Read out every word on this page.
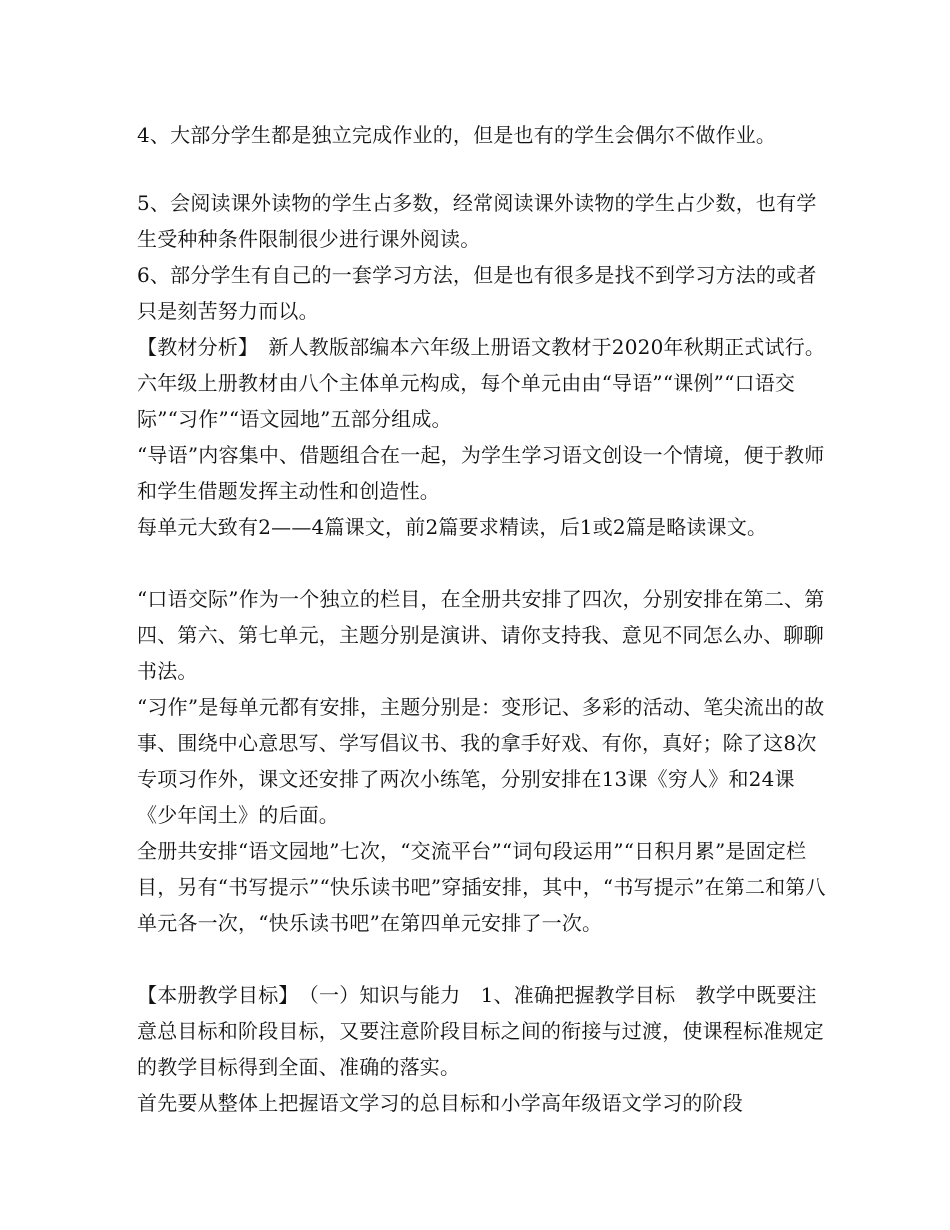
4、大部分学生都是独立完成作业的，但是也有的学生会偶尔不做作业。

5、会阅读课外读物的学生占多数，经常阅读课外读物的学生占少数，也有学生受种种条件限制很少进行课外阅读。

6、部分学生有自己的一套学习方法，但是也有很多是找不到学习方法的或者只是刻苦努力而以。

【教材分析】　新人教版部编本六年级上册语文教材于2020年秋期正式试行。六年级上册教材由八个主体单元构成，每个单元由由“导语”“课例”“口语交际”“习作”“语文园地”五部分组成。

“导语”内容集中、借题组合在一起，为学生学习语文创设一个情境，便于教师和学生借题发挥主动性和创造性。

每单元大致有2——4篇课文，前2篇要求精读，后1或2篇是略读课文。

“口语交际”作为一个独立的栏目，在全册共安排了四次，分别安排在第二、第四、第六、第七单元，主题分别是演讲、请你支持我、意见不同怎么办、聊聊书法。

“习作”是每单元都有安排，主题分别是：变形记、多彩的活动、笔尖流出的故事、围绕中心意思写、学写倡议书、我的拿手好戏、有你，真好；除了这8次专项习作外，课文还安排了两次小练笔，分别安排在13课《穷人》和24课《少年闰土》的后面。

全册共安排“语文园地”七次，“交流平台”“词句段运用”“日积月累”是固定栏目，另有“书写提示”“快乐读书吧”穿插安排，其中，“书写提示”在第二和第八单元各一次，“快乐读书吧”在第四单元安排了一次。

【本册教学目标】　（一）知识与能力　1、准确把握教学目标　教学中既要注意总目标和阶段目标，又要注意阶段目标之间的衔接与过渡，使课程标准规定的教学目标得到全面、准确的落实。

首先要从整体上把握语文学习的总目标和小学高年级语文学习的阶段
